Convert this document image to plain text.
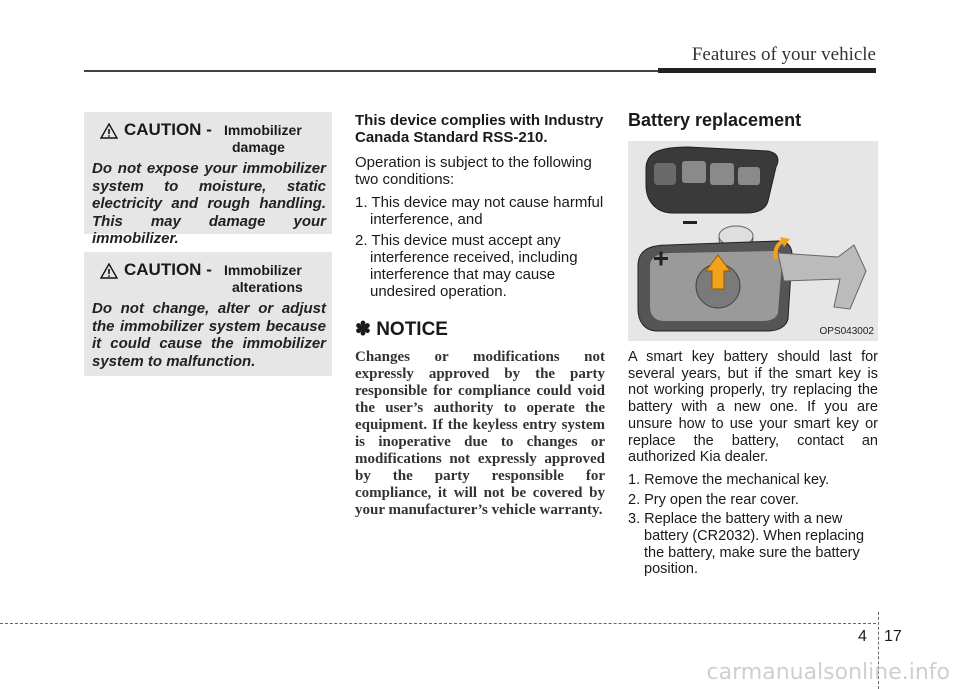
Features of your vehicle
CAUTION - Immobilizer
damage

Do not expose your immobilizer system to moisture, static electricity and rough handling. This may damage your immobilizer.

CAUTION - Immobilizer
alterations

Do not change, alter or adjust the immobilizer system because it could cause the immobilizer system to malfunction.

This device complies with Industry Canada Standard RSS-210.

Operation is subject to the following two conditions:

1. This device may not cause harmful interference, and

2. This device must accept any interference received, including interference that may cause undesired operation.

✽ NOTICE

Changes or modifications not expressly approved by the party responsible for compliance could void the user’s authority to operate the equipment. If the keyless entry system is inoperative due to changes or modifications not expressly approved by the party responsible for compliance, it will not be covered by your manufacturer’s vehicle warranty.

Battery replacement
OPS043002

A smart key battery should last for several years, but if the smart key is not working properly, try replacing the battery with a new one. If you are unsure how to use your smart key or replace the battery, contact an authorized Kia dealer.

1. Remove the mechanical key.

2. Pry open the rear cover.

3. Replace the battery with a new battery (CR2032). When replacing the battery, make sure the battery position.

4 17
carmanualsonline.info
